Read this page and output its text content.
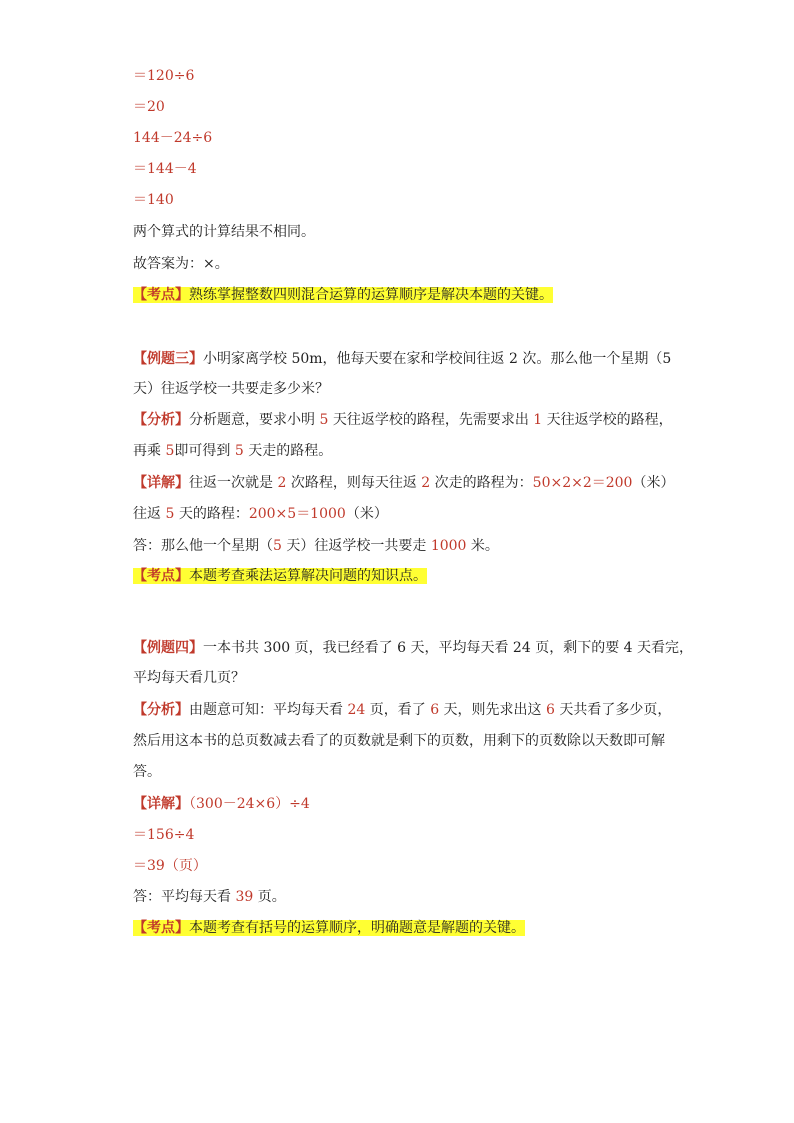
＝120÷6
＝20
144－24÷6
＝144－4
＝140
两个算式的计算结果不相同。
故答案为：×。
【考点】熟练掌握整数四则混合运算的运算顺序是解决本题的关键。
【例题三】小明家离学校 50m，他每天要在家和学校间往返 2 次。那么他一个星期（5
天）往返学校一共要走多少米？
【分析】分析题意，要求小明 5 天往返学校的路程，先需要求出 1 天往返学校的路程，
再乘 5即可得到 5 天走的路程。
【详解】往返一次就是 2 次路程，则每天往返 2 次走的路程为：50×2×2＝200（米）
往返 5 天的路程：200×5＝1000（米）
答：那么他一个星期（5 天）往返学校一共要走 1000 米。
【考点】本题考查乘法运算解决问题的知识点。
【例题四】一本书共 300 页，我已经看了 6 天，平均每天看 24 页，剩下的要 4 天看完，
平均每天看几页？
【分析】由题意可知：平均每天看 24 页，看了 6 天，则先求出这 6 天共看了多少页，
然后用这本书的总页数减去看了的页数就是剩下的页数，用剩下的页数除以天数即可解
答。
【详解】（300－24×6）÷4
＝156÷4
＝39（页）
答：平均每天看 39 页。
【考点】本题考查有括号的运算顺序，明确题意是解题的关键。
